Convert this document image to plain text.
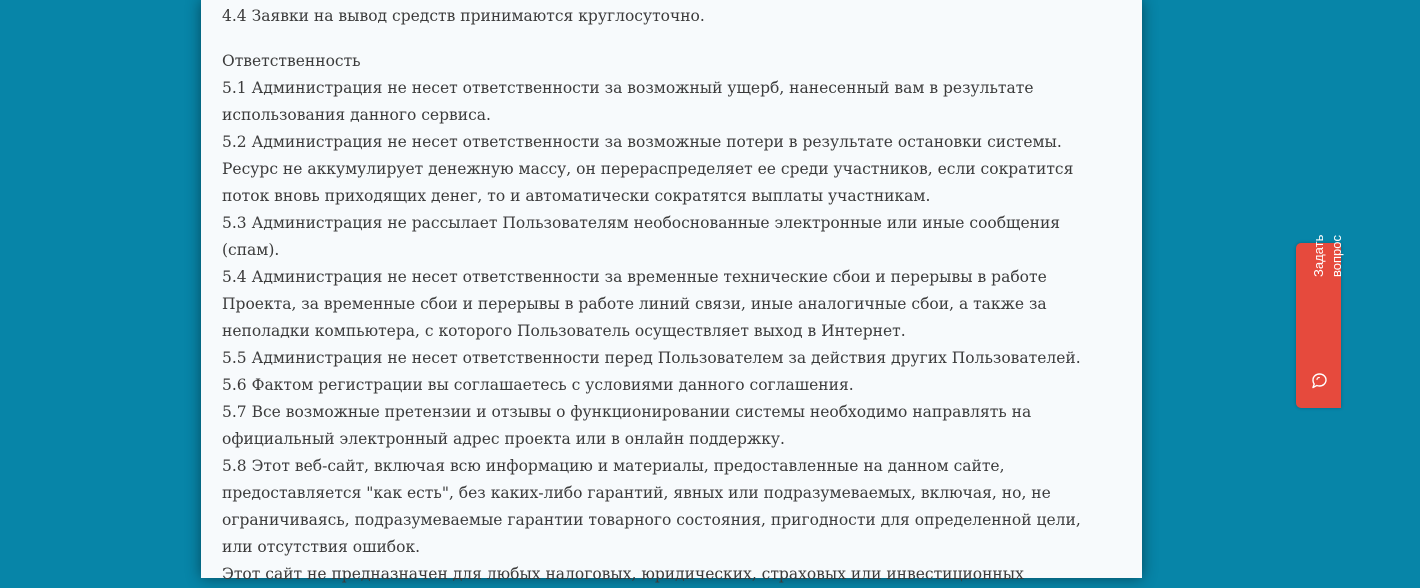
4.4 Заявки на вывод средств принимаются круглосуточно.
Ответственность
5.1 Администрация не несет ответственности за возможный ущерб, нанесенный вам в результате
использования данного сервиса.
5.2 Администрация не несет ответственности за возможные потери в результате остановки системы.
Ресурс не аккумулирует денежную массу, он перераспределяет ее среди участников, если сократится
поток вновь приходящих денег, то и автоматически сократятся выплаты участникам.
5.3 Администрация не рассылает Пользователям необоснованные электронные или иные сообщения
(спам).
5.4 Администрация не несет ответственности за временные технические сбои и перерывы в работе
Проекта, за временные сбои и перерывы в работе линий связи, иные аналогичные сбои, а также за
неполадки компьютера, с которого Пользователь осуществляет выход в Интернет.
5.5 Администрация не несет ответственности перед Пользователем за действия других Пользователей.
5.6 Фактом регистрации вы соглашаетесь с условиями данного соглашения.
5.7 Все возможные претензии и отзывы о функционировании системы необходимо направлять на
официальный электронный адрес проекта или в онлайн поддержку.
5.8 Этот веб-сайт, включая всю информацию и материалы, предоставленные на данном сайте,
предоставляется "как есть", без каких-либо гарантий, явных или подразумеваемых, включая, но, не
ограничиваясь, подразумеваемые гарантии товарного состояния, пригодности для определенной цели,
или отсутствия ошибок.
Этот сайт не предназначен для любых налоговых, юридических, страховых или инвестиционных
Задать вопрос
